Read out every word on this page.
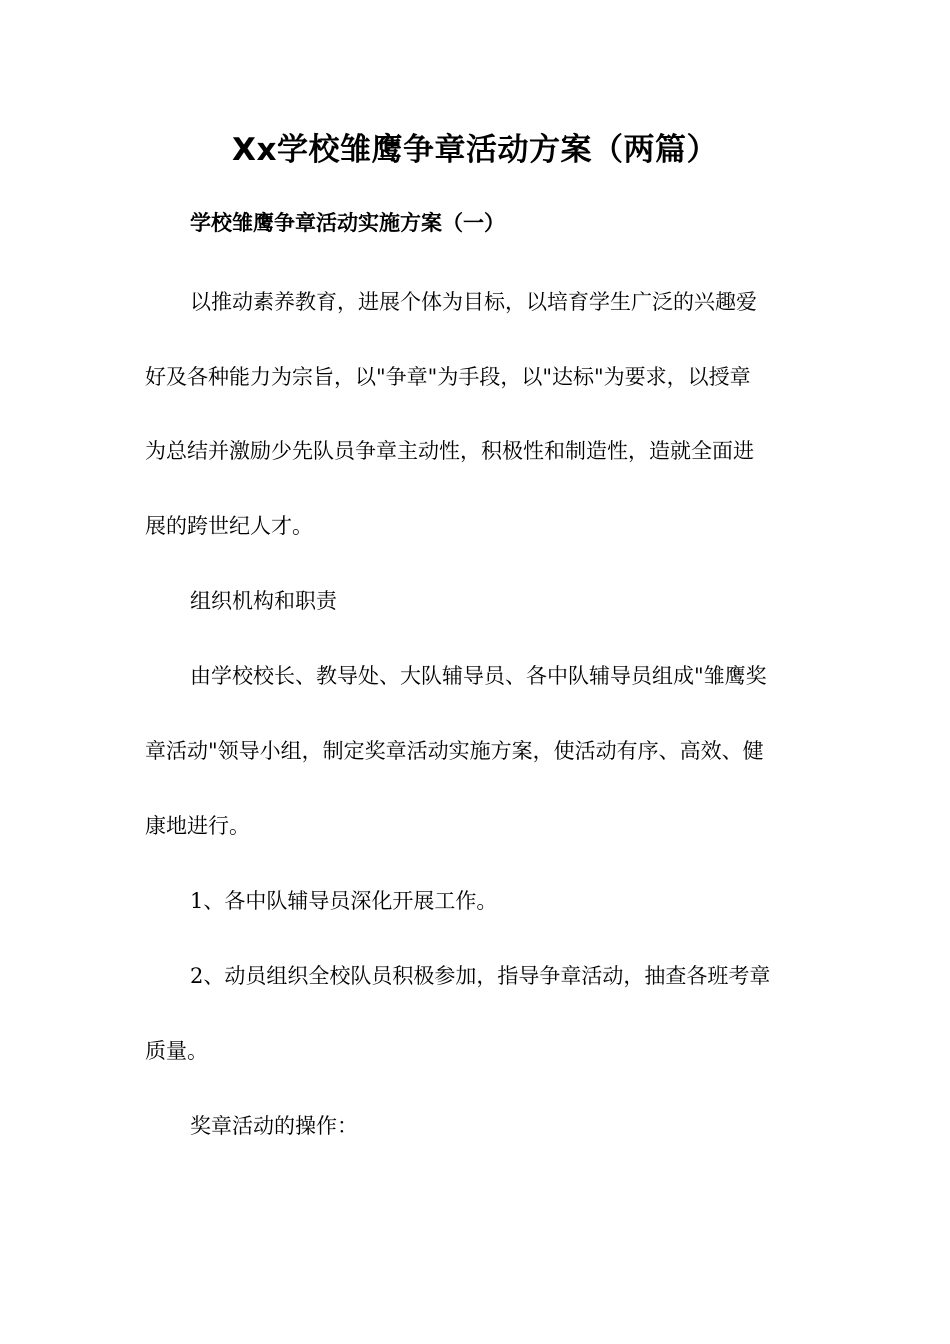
Xx学校雏鹰争章活动方案（两篇）
学校雏鹰争章活动实施方案（一）
以推动素养教育，进展个体为目标，以培育学生广泛的兴趣爱
好及各种能力为宗旨，以"争章"为手段，以"达标"为要求，以授章
为总结并激励少先队员争章主动性，积极性和制造性，造就全面进
展的跨世纪人才。
组织机构和职责
由学校校长、教导处、大队辅导员、各中队辅导员组成"雏鹰奖
章活动"领导小组，制定奖章活动实施方案，使活动有序、高效、健
康地进行。
1、各中队辅导员深化开展工作。
2、动员组织全校队员积极参加，指导争章活动，抽查各班考章
质量。
奖章活动的操作：
